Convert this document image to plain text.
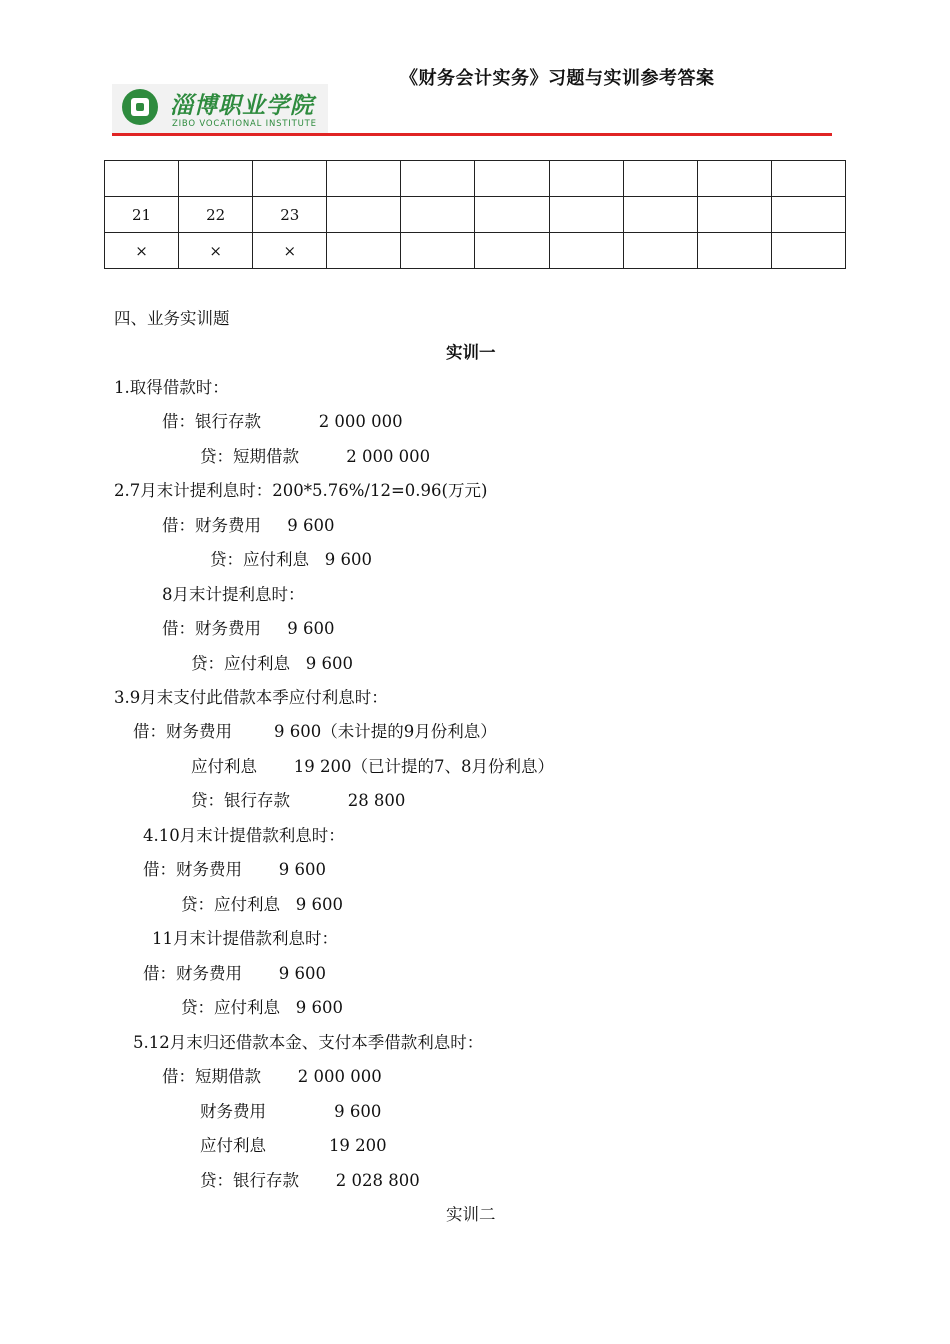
《财务会计实务》习题与实训参考答案
淄博职业学院
ZIBO VOCATIONAL INSTITUTE

21	22	23							
×	×	×							
四、业务实训题
实训一
1.取得借款时：
借：银行存款           2 000 000
贷：短期借款         2 000 000
2.7月末计提利息时：200*5.76%/12=0.96(万元)
借：财务费用     9 600
贷：应付利息   9 600
8月末计提利息时：
借：财务费用     9 600
贷：应付利息   9 600
3.9月末支付此借款本季应付利息时：
借：财务费用        9 600（未计提的9月份利息）
应付利息       19 200（已计提的7、8月份利息）
贷：银行存款           28 800
4.10月末计提借款利息时：
借：财务费用       9 600
贷：应付利息   9 600
11月末计提借款利息时：
借：财务费用       9 600
贷：应付利息   9 600
5.12月末归还借款本金、支付本季借款利息时：
借：短期借款       2 000 000
财务费用             9 600
应付利息            19 200
贷：银行存款       2 028 800
实训二
